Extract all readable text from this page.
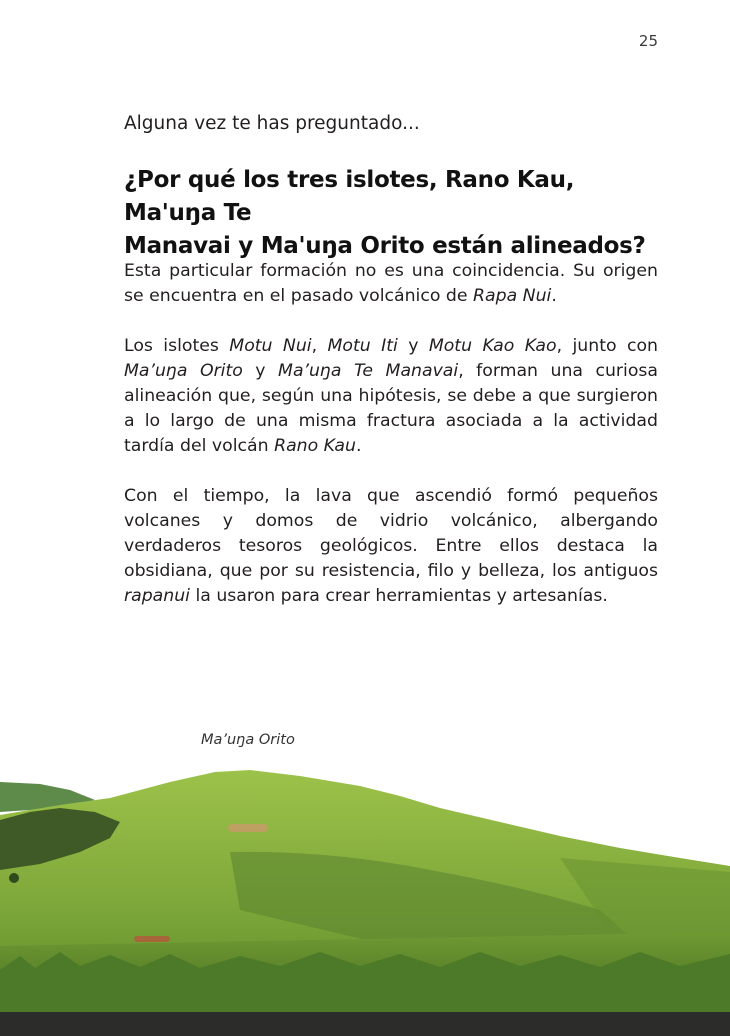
25
Alguna vez te has preguntado...
¿Por qué los tres islotes, Rano Kau, Ma'uŋa Te
Manavai y Ma'uŋa Orito están alineados?

Esta particular formación no es una coincidencia. Su origen se encuentra en el pasado volcánico de Rapa Nui.

Los islotes Motu Nui, Motu Iti y Motu Kao Kao, junto con Ma’uŋa Orito y Ma’uŋa Te Manavai, forman una curiosa alineación que, según una hipótesis, se debe a que surgieron a lo largo de una misma fractura asociada a la actividad tardía del volcán Rano Kau.

Con el tiempo, la lava que ascendió formó pequeños volcanes y domos de vidrio volcánico, albergando verdaderos tesoros geológicos. Entre ellos destaca la obsidiana, que por su resistencia, filo y belleza, los antiguos rapanui la usaron para crear herramientas y artesanías.

Ma’uŋa Orito
